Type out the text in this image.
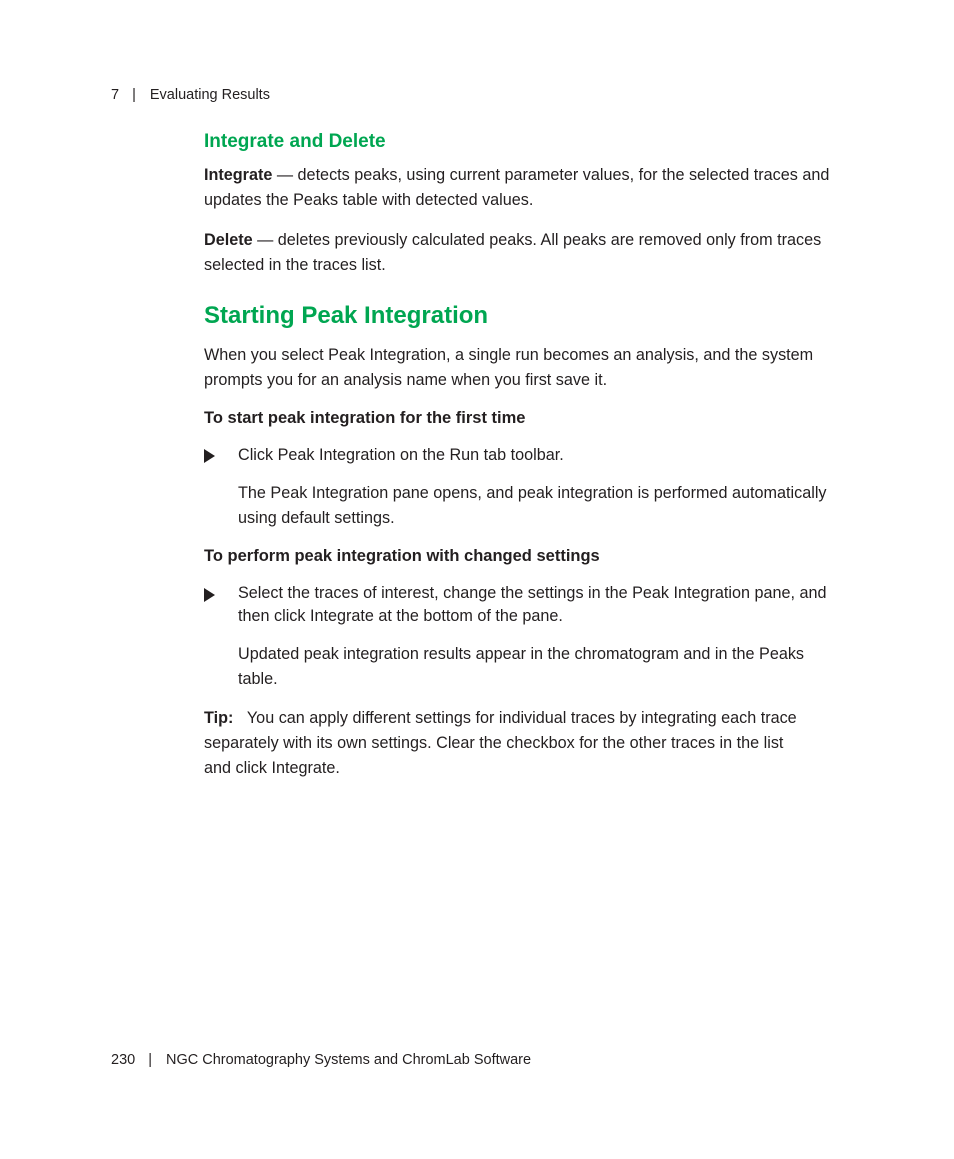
7 | Evaluating Results
Integrate and Delete

Integrate — detects peaks, using current parameter values, for the selected traces and updates the Peaks table with detected values.

Delete — deletes previously calculated peaks. All peaks are removed only from traces selected in the traces list.

Starting Peak Integration

When you select Peak Integration, a single run becomes an analysis, and the system prompts you for an analysis name when you first save it.

To start peak integration for the first time

Click Peak Integration on the Run tab toolbar.

The Peak Integration pane opens, and peak integration is performed automatically using default settings.

To perform peak integration with changed settings

Select the traces of interest, change the settings in the Peak Integration pane, and then click Integrate at the bottom of the pane.

Updated peak integration results appear in the chromatogram and in the Peaks table.

Tip: You can apply different settings for individual traces by integrating each trace separately with its own settings. Clear the checkbox for the other traces in the list and click Integrate.

230 | NGC Chromatography Systems and ChromLab Software
